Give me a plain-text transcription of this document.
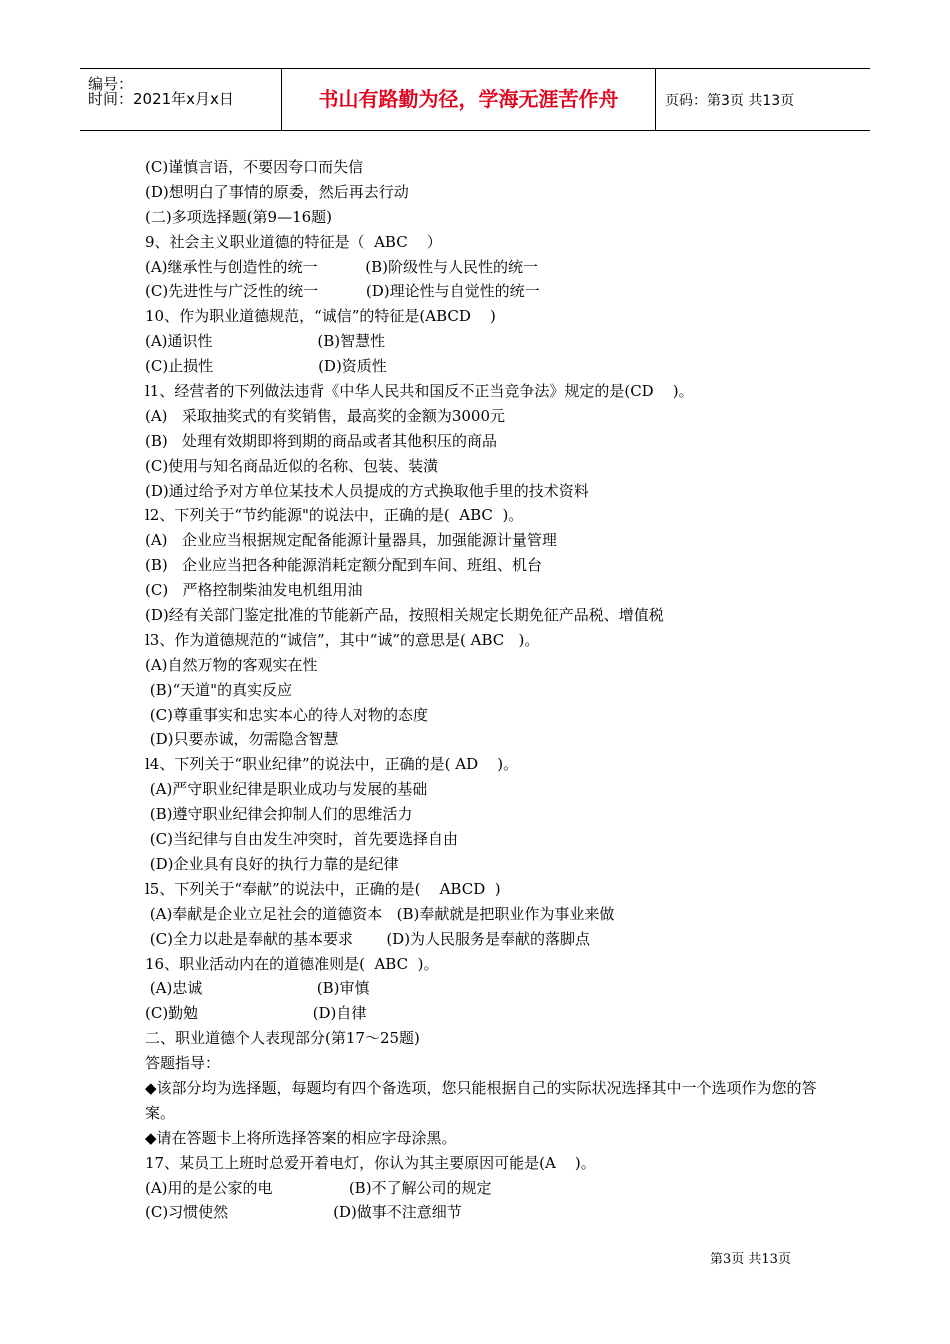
编号：
时间：2021年x月x日	书山有路勤为径，学海无涯苦作舟	页码：第3页 共13页
(C)谨慎言语，不要因夸口而失信
(D)想明白了事情的原委，然后再去行动
(二)多项选择题(第9—16题)
9、社会主义职业道德的特征是（  ABC    ）
(A)继承性与创造性的统一          (B)阶级性与人民性的统一
(C)先进性与广泛性的统一          (D)理论性与自觉性的统一
10、作为职业道德规范，“诚信”的特征是(ABCD    )
(A)通识性                      (B)智慧性
(C)止损性                      (D)资质性
l1、经营者的下列做法违背《中华人民共和国反不正当竞争法》规定的是(CD    )。
(A)   采取抽奖式的有奖销售，最高奖的金额为3000元
(B)   处理有效期即将到期的商品或者其他积压的商品
(C)使用与知名商品近似的名称、包装、装潢
(D)通过给予对方单位某技术人员提成的方式换取他手里的技术资料
l2、下列关于“节约能源"的说法中，正确的是(  ABC  )。
(A)   企业应当根据规定配备能源计量器具，加强能源计量管理
(B)   企业应当把各种能源消耗定额分配到车间、班组、机台
(C)   严格控制柴油发电机组用油
(D)经有关部门鉴定批准的节能新产品，按照相关规定长期免征产品税、增值税
l3、作为道德规范的“诚信”，其中“诚”的意思是( ABC   )。
(A)自然万物的客观实在性
(B)“天道"的真实反应
(C)尊重事实和忠实本心的待人对物的态度
(D)只要赤诚，勿需隐含智慧
l4、下列关于“职业纪律”的说法中，正确的是( AD    )。
(A)严守职业纪律是职业成功与发展的基础
(B)遵守职业纪律会抑制人们的思维活力
(C)当纪律与自由发生冲突时，首先要选择自由
(D)企业具有良好的执行力靠的是纪律
l5、下列关于“奉献”的说法中，正确的是(    ABCD  )
(A)奉献是企业立足社会的道德资本   (B)奉献就是把职业作为事业来做
(C)全力以赴是奉献的基本要求       (D)为人民服务是奉献的落脚点
16、职业活动内在的道德准则是(  ABC  )。
(A)忠诚                        (B)审慎
(C)勤勉                        (D)自律
二、职业道德个人表现部分(第17～25题)
答题指导：
◆该部分均为选择题，每题均有四个备选项，您只能根据自己的实际状况选择其中一个选项作为您的答案。
◆请在答题卡上将所选择答案的相应字母涂黑。
17、某员工上班时总爱开着电灯，你认为其主要原因可能是(A    )。
(A)用的是公家的电                (B)不了解公司的规定
(C)习惯使然                      (D)做事不注意细节
第3页 共13页
